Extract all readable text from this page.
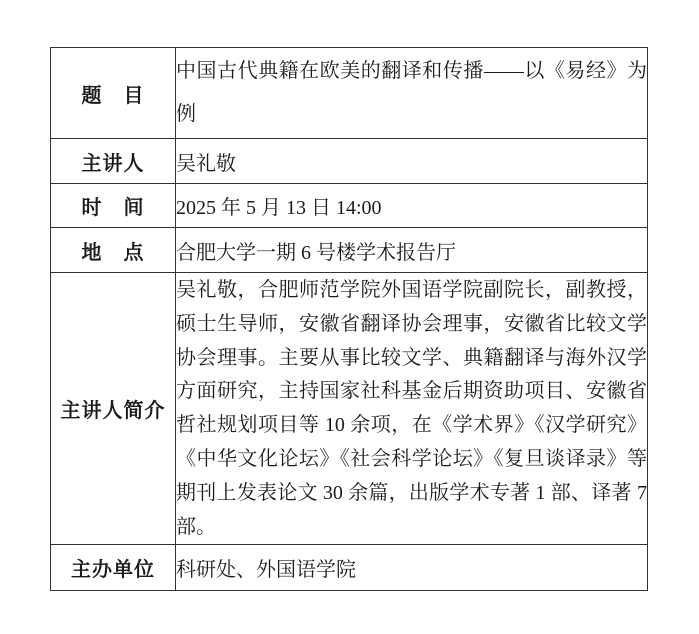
题　目	中国古代典籍在欧美的翻译和传播——以《易经》为例
主讲人	吴礼敬
时　间	2025 年 5 月 13 日 14:00
地　点	合肥大学一期 6 号楼学术报告厅
主讲人简介	吴礼敬，合肥师范学院外国语学院副院长，副教授，硕士生导师，安徽省翻译协会理事，安徽省比较文学协会理事。主要从事比较文学、典籍翻译与海外汉学方面研究，主持国家社科基金后期资助项目、安徽省哲社规划项目等 10 余项，在《学术界》《汉学研究》《中华文化论坛》《社会科学论坛》《复旦谈译录》等期刊上发表论文 30 余篇，出版学术专著 1 部、译著 7 部。
主办单位	科研处、外国语学院
